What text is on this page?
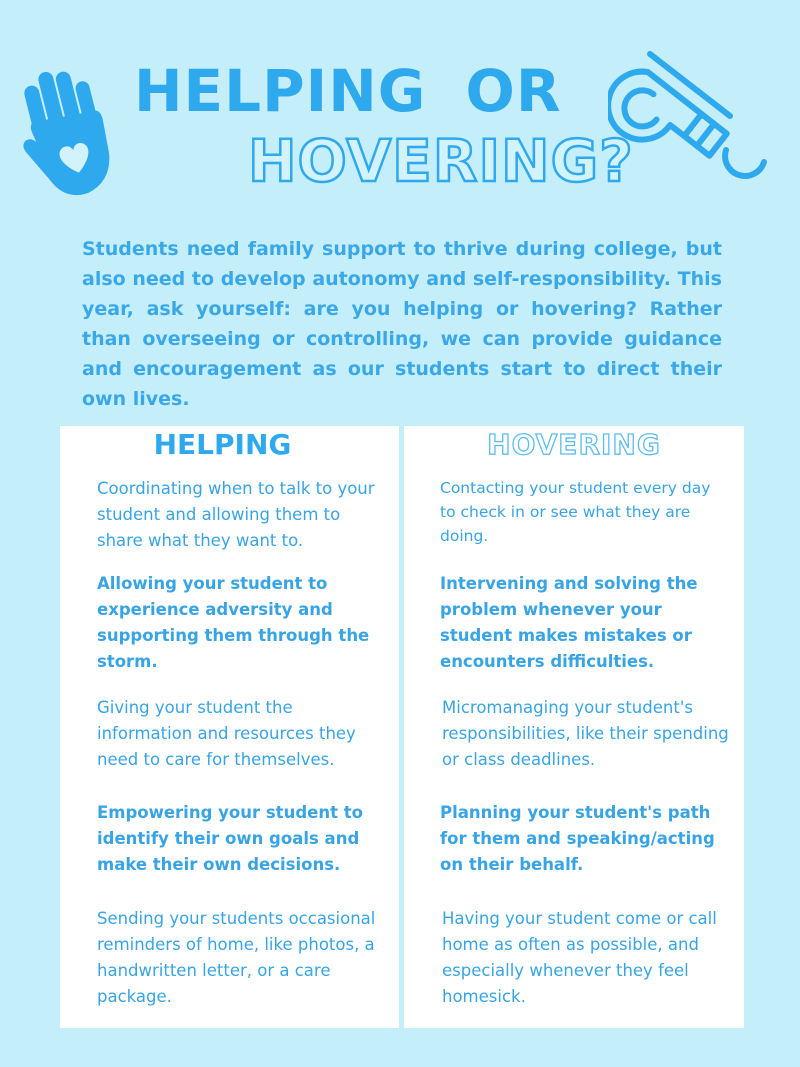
HELPING OR
HOVERING?

Students need family support to thrive during college, but also need to develop autonomy and self-responsibility. This year, ask yourself: are you helping or hovering? Rather than overseeing or controlling, we can provide guidance and encouragement as our students start to direct their own lives.

HELPING	HOVERING

Coordinating when to talk to your student and allowing them to share what they want to.

Allowing your student to experience adversity and supporting them through the storm.

Giving your student the information and resources they need to care for themselves.

Empowering your student to identify their own goals and make their own decisions.

Sending your students occasional reminders of home, like photos, a handwritten letter, or a care package.

Contacting your student every day to check in or see what they are doing.

Intervening and solving the problem whenever your student makes mistakes or encounters difficulties.

Micromanaging your student's responsibilities, like their spending or class deadlines.

Planning your student's path for them and speaking/acting on their behalf.

Having your student come or call home as often as possible, and especially whenever they feel homesick.
